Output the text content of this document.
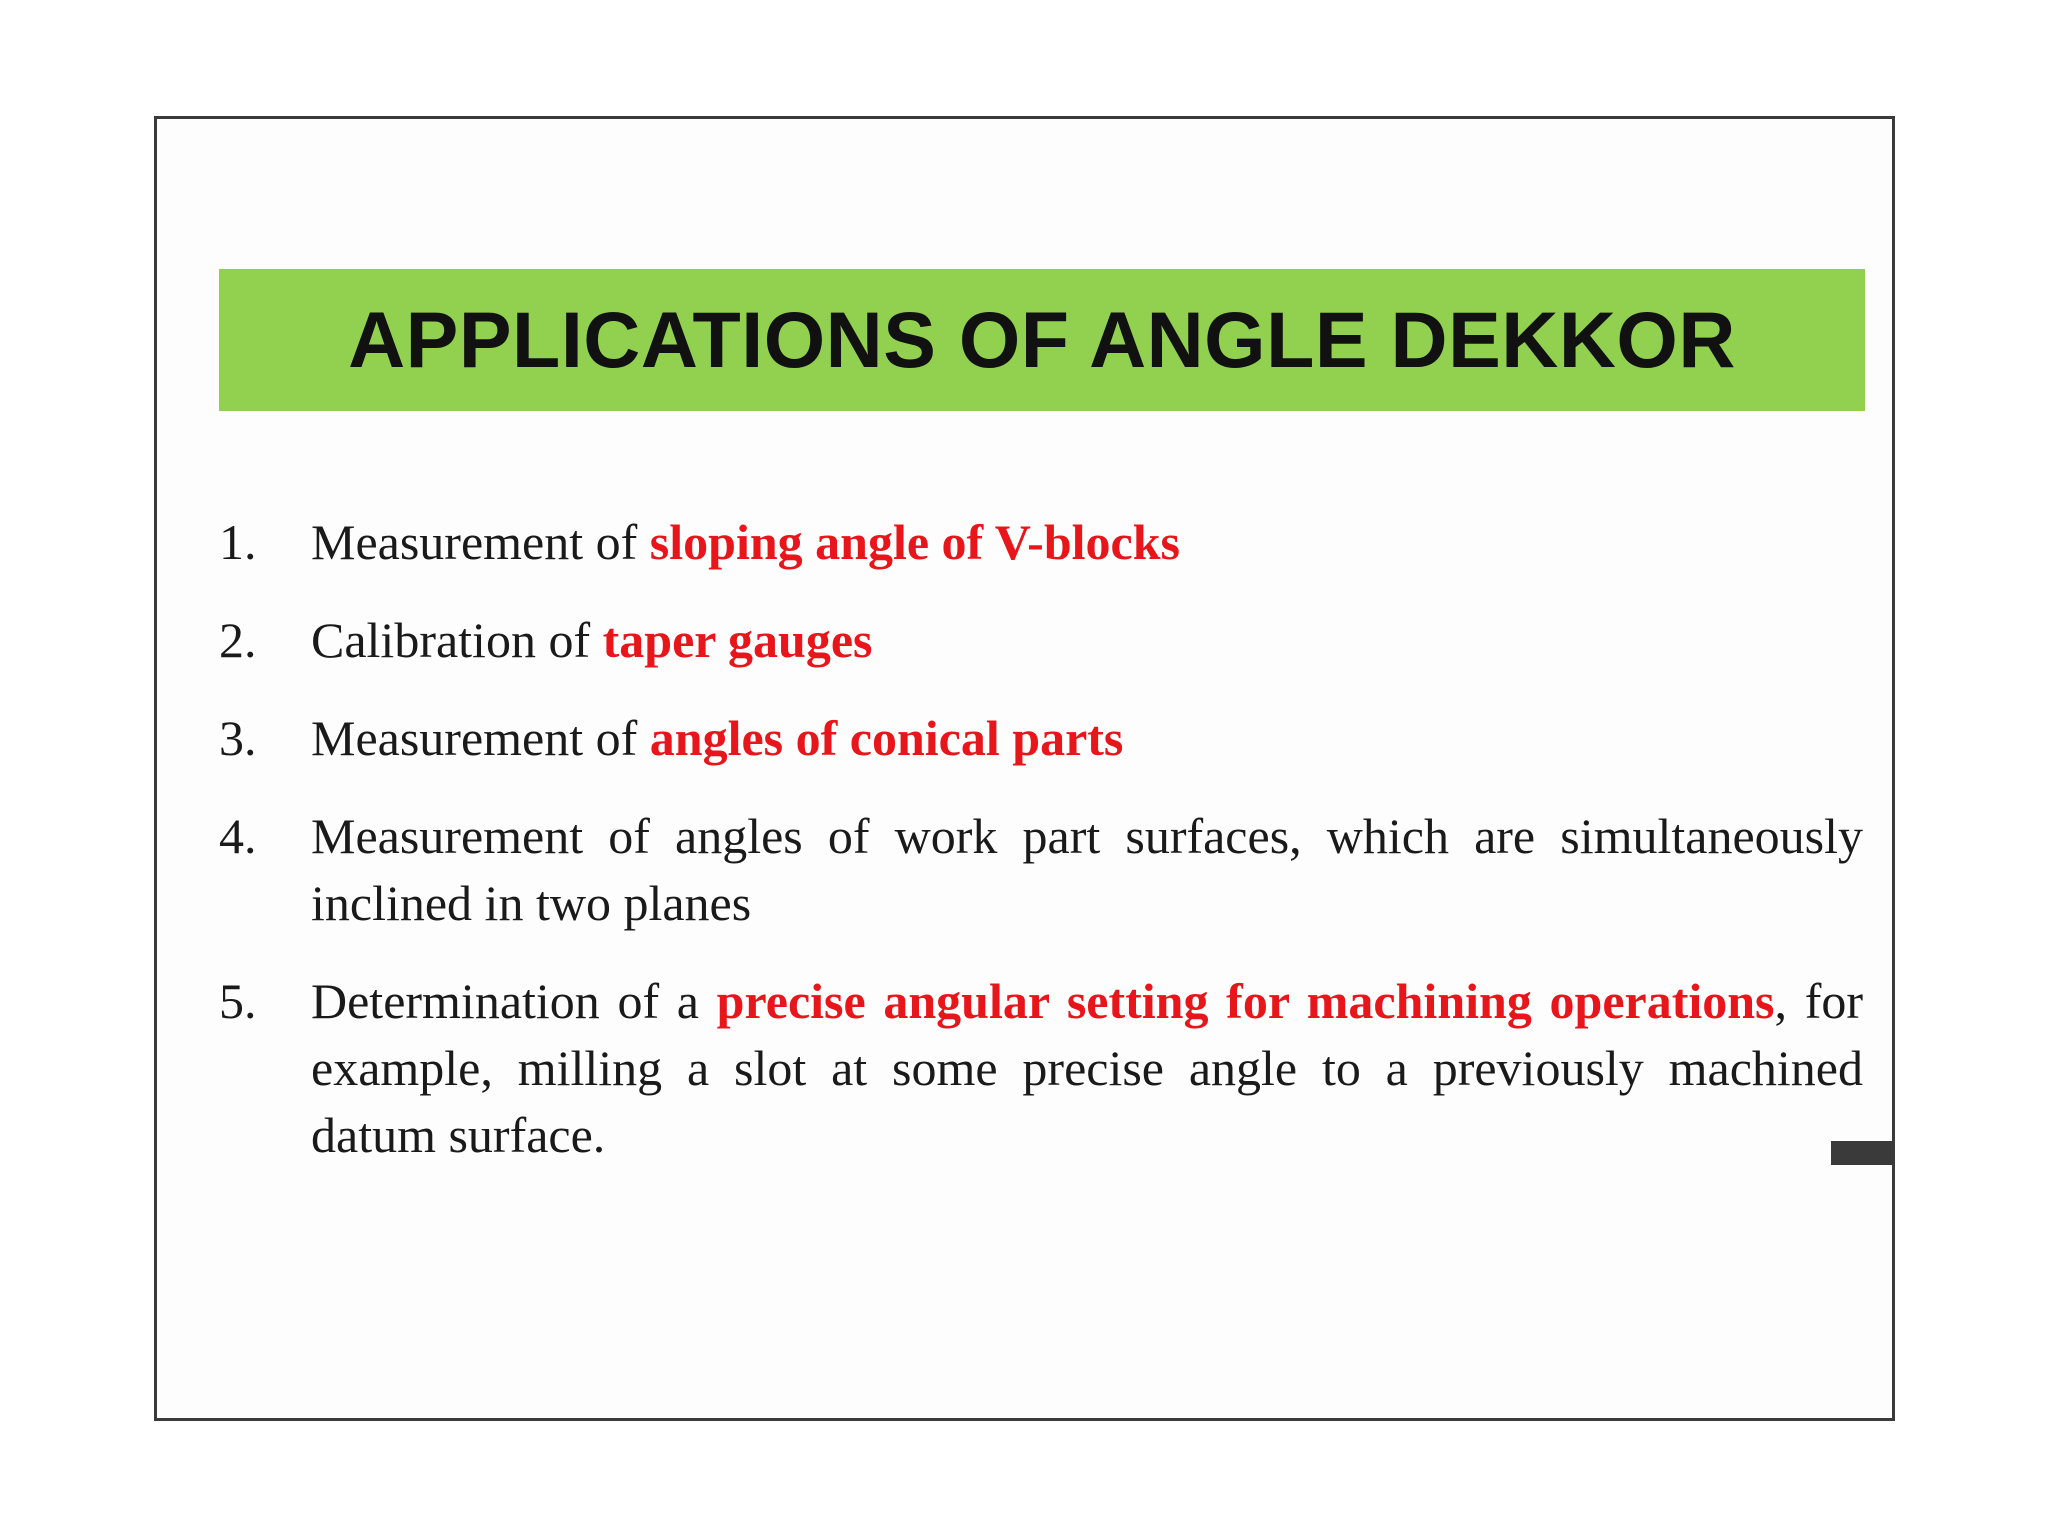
APPLICATIONS OF ANGLE DEKKOR
1.	Measurement of sloping angle of V-blocks
2.	Calibration of taper gauges
3.	Measurement of angles of conical parts
4.	Measurement of angles of work part surfaces, which are simultaneously inclined in two planes
5.	Determination of a precise angular setting for machining operations, for example, milling a slot at some precise angle to a previously machined datum surface.
